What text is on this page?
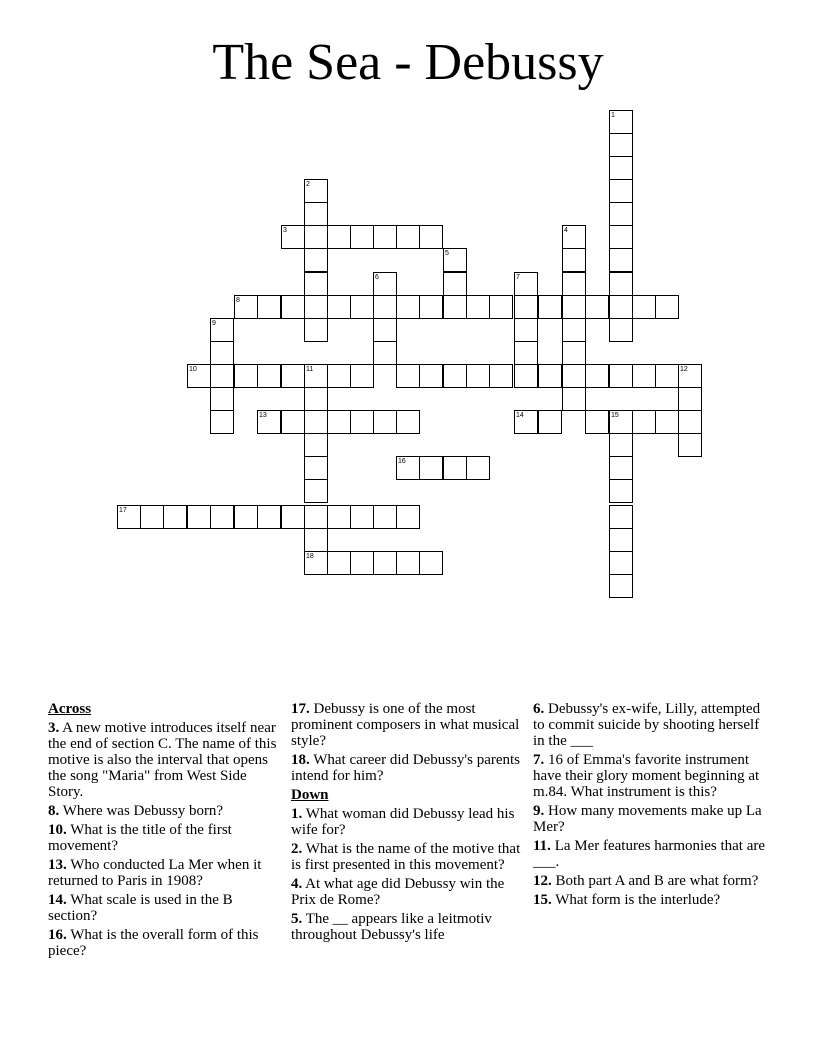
The Sea - Debussy
1
2
3	4
5
6	7
8
9
10	11	12
13	14	15
16
17
18
Across
3. A new motive introduces itself near the end of section C. The name of this motive is also the interval that opens the song "Maria" from West Side Story.
8. Where was Debussy born?
10. What is the title of the first movement?
13. Who conducted La Mer when it returned to Paris in 1908?
14. What scale is used in the B section?
16. What is the overall form of this piece?
17. Debussy is one of the most prominent composers in what musical style?
18. What career did Debussy's parents intend for him?
Down
1. What woman did Debussy lead his wife for?
2. What is the name of the motive that is first presented in this movement?
4. At what age did Debussy win the Prix de Rome?
5. The __ appears like a leitmotiv throughout Debussy's life
6. Debussy's ex-wife, Lilly, attempted to commit suicide by shooting herself in the ___
7. 16 of Emma's favorite instrument have their glory moment beginning at m.84. What instrument is this?
9. How many movements make up La Mer?
11. La Mer features harmonies that are ___.
12. Both part A and B are what form?
15. What form is the interlude?
